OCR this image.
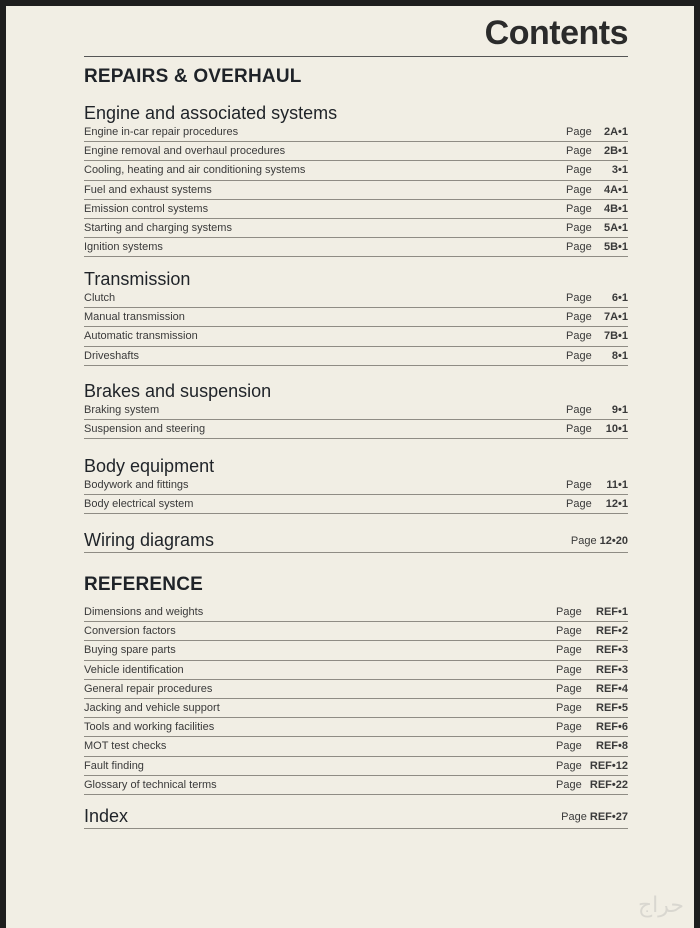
Contents
REPAIRS & OVERHAUL
Engine and associated systems
Engine in-car repair procedures	Page 2A•1
Engine removal and overhaul procedures	Page 2B•1
Cooling, heating and air conditioning systems	Page 3•1
Fuel and exhaust systems	Page 4A•1
Emission control systems	Page 4B•1
Starting and charging systems	Page 5A•1
Ignition systems	Page 5B•1
Transmission
Clutch	Page 6•1
Manual transmission	Page 7A•1
Automatic transmission	Page 7B•1
Driveshafts	Page 8•1
Brakes and suspension
Braking system	Page 9•1
Suspension and steering	Page 10•1
Body equipment
Bodywork and fittings	Page 11•1
Body electrical system	Page 12•1
Wiring diagrams	Page 12•20
REFERENCE
Dimensions and weights	Page REF•1
Conversion factors	Page REF•2
Buying spare parts	Page REF•3
Vehicle identification	Page REF•3
General repair procedures	Page REF•4
Jacking and vehicle support	Page REF•5
Tools and working facilities	Page REF•6
MOT test checks	Page REF•8
Fault finding	Page REF•12
Glossary of technical terms	Page REF•22
Index	Page REF•27
حراج
